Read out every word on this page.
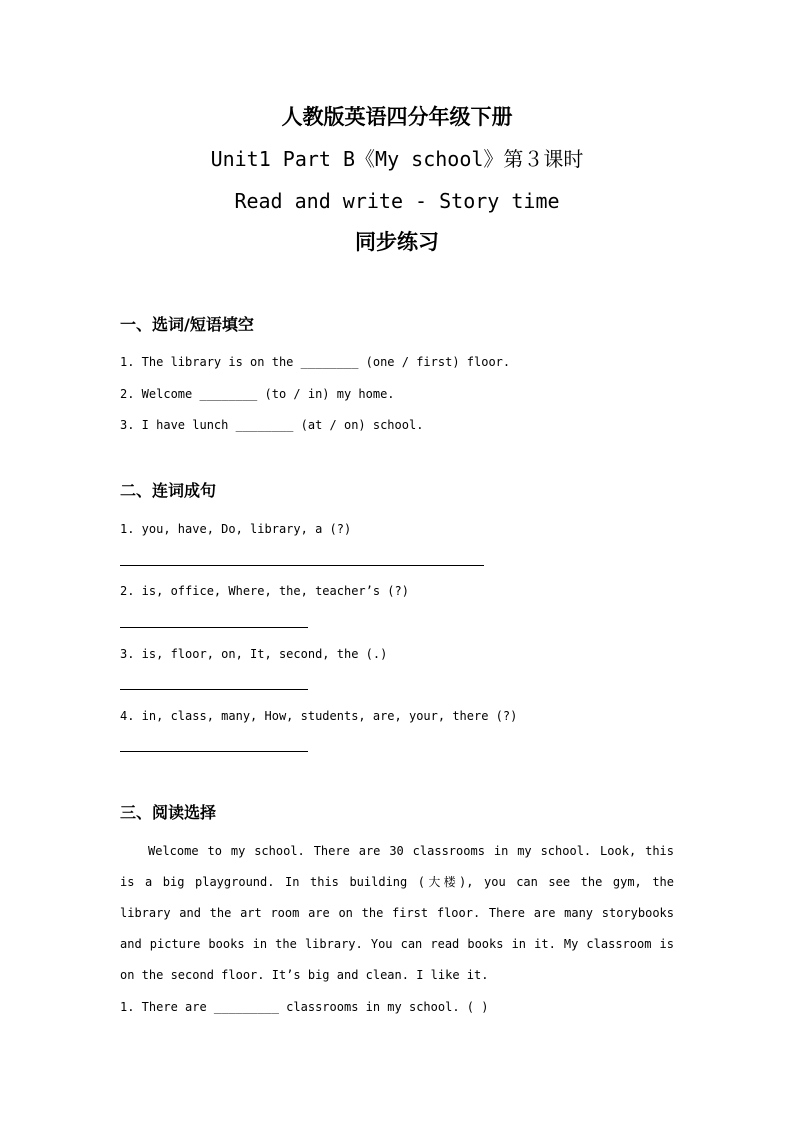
人教版英语四分年级下册
Unit1 Part B《My school》第３课时
Read and write - Story time
同步练习
一、选词/短语填空
1. The library is on the ________ (one / first) floor.
2. Welcome ________ (to / in) my home.
3. I have lunch ________ (at / on) school.
二、连词成句
1. you, have, Do, library, a (?)
2. is, office, Where, the, teacher’s (?)
3. is, floor, on, It, second, the (.)
4. in, class, many, How, students, are, your, there (?)
三、阅读选择
Welcome to my school. There are 30 classrooms in my school. Look, this is a big playground. In this building (大楼), you can see the gym, the library and the art room are on the first floor. There are many storybooks and picture books in the library. You can read books in it. My classroom is on the second floor. It’s big and clean. I like it.
1. There are _________ classrooms in my school. ( )
